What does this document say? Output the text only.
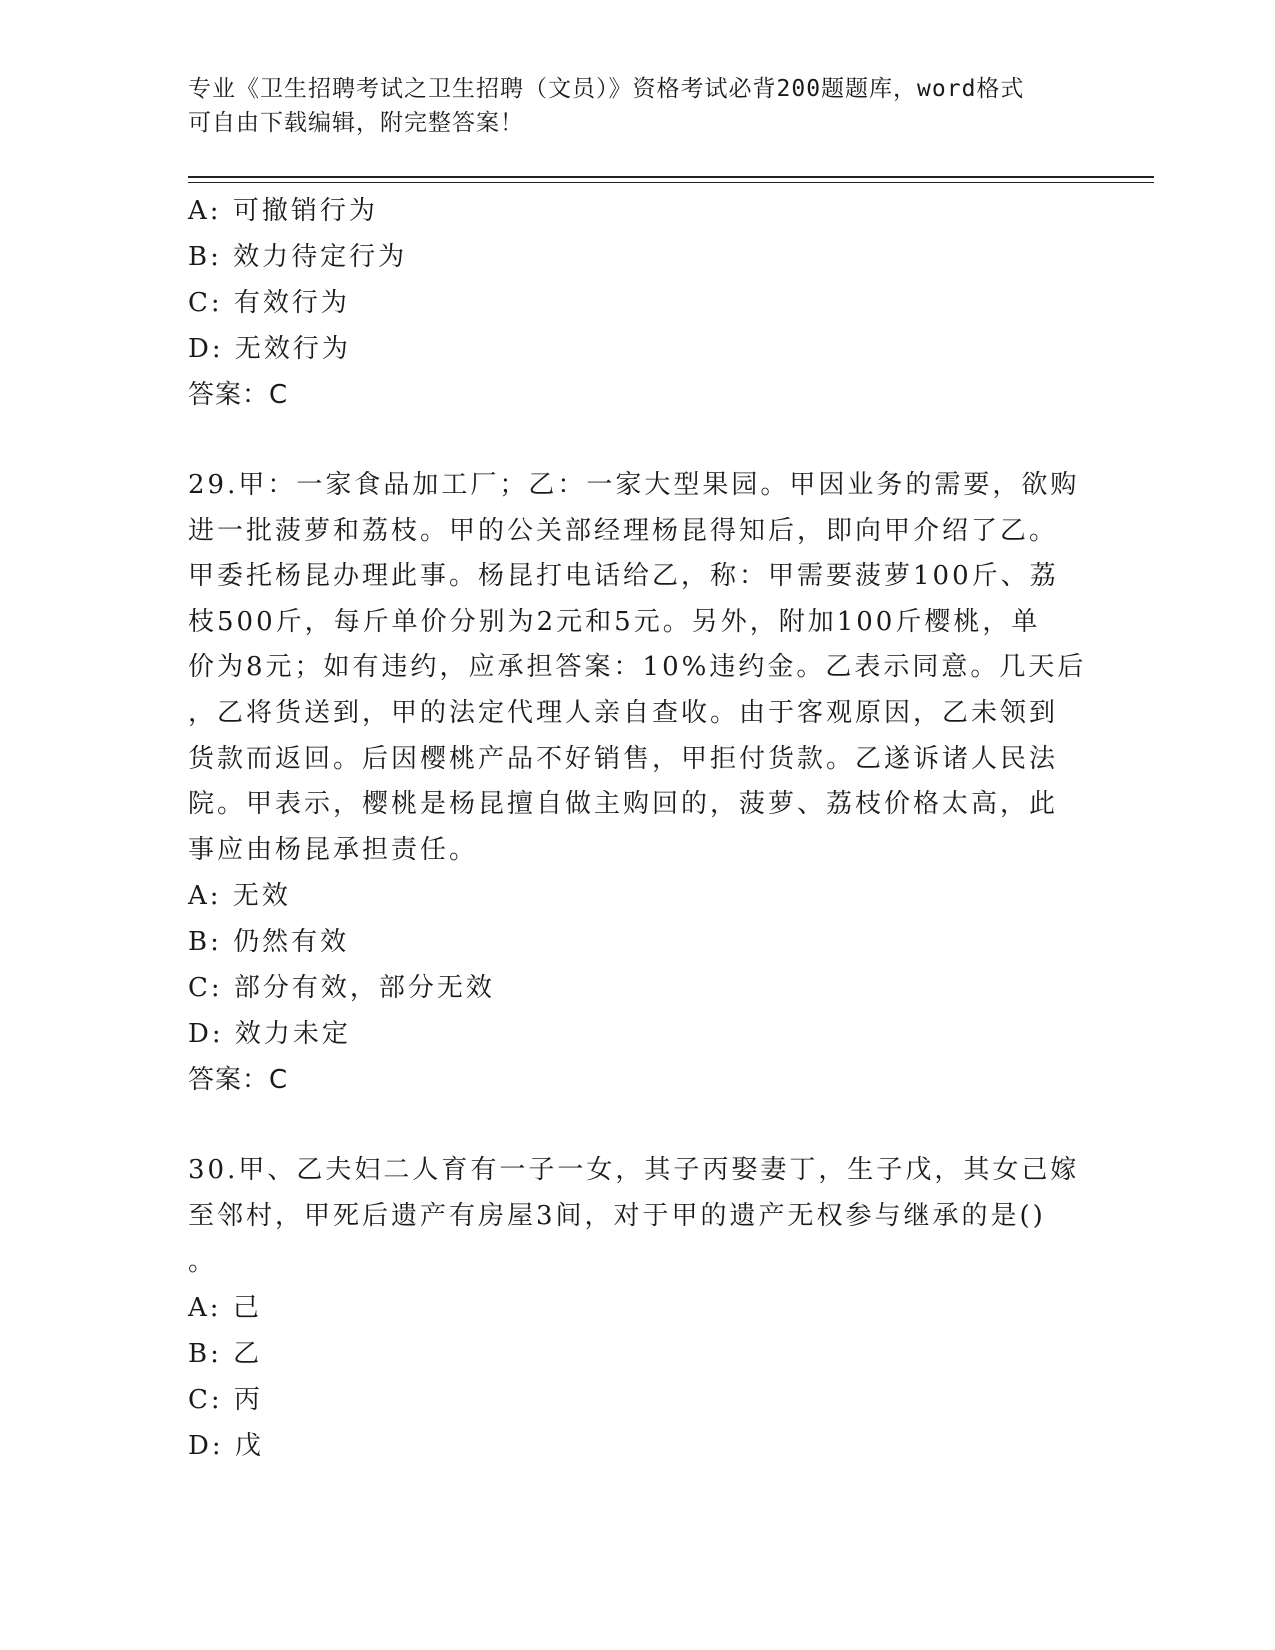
专业《卫生招聘考试之卫生招聘（文员）》资格考试必背200题题库，word格式
可自由下载编辑，附完整答案！
A: 可撤销行为
B: 效力待定行为
C: 有效行为
D: 无效行为
答案：C
29.甲：一家食品加工厂；乙：一家大型果园。甲因业务的需要，欲购
进一批菠萝和荔枝。甲的公关部经理杨昆得知后，即向甲介绍了乙。
甲委托杨昆办理此事。杨昆打电话给乙，称：甲需要菠萝100斤、荔
枝500斤，每斤单价分别为2元和5元。另外，附加100斤樱桃，单
价为8元；如有违约，应承担答案：10%违约金。乙表示同意。几天后
，乙将货送到，甲的法定代理人亲自查收。由于客观原因，乙未领到
货款而返回。后因樱桃产品不好销售，甲拒付货款。乙遂诉诸人民法
院。甲表示，樱桃是杨昆擅自做主购回的，菠萝、荔枝价格太高，此
事应由杨昆承担责任。
A: 无效
B: 仍然有效
C: 部分有效，部分无效
D: 效力未定
答案：C
30.甲、乙夫妇二人育有一子一女，其子丙娶妻丁，生子戊，其女己嫁
至邻村，甲死后遗产有房屋3间，对于甲的遗产无权参与继承的是()
。
A: 己
B: 乙
C: 丙
D: 戊
